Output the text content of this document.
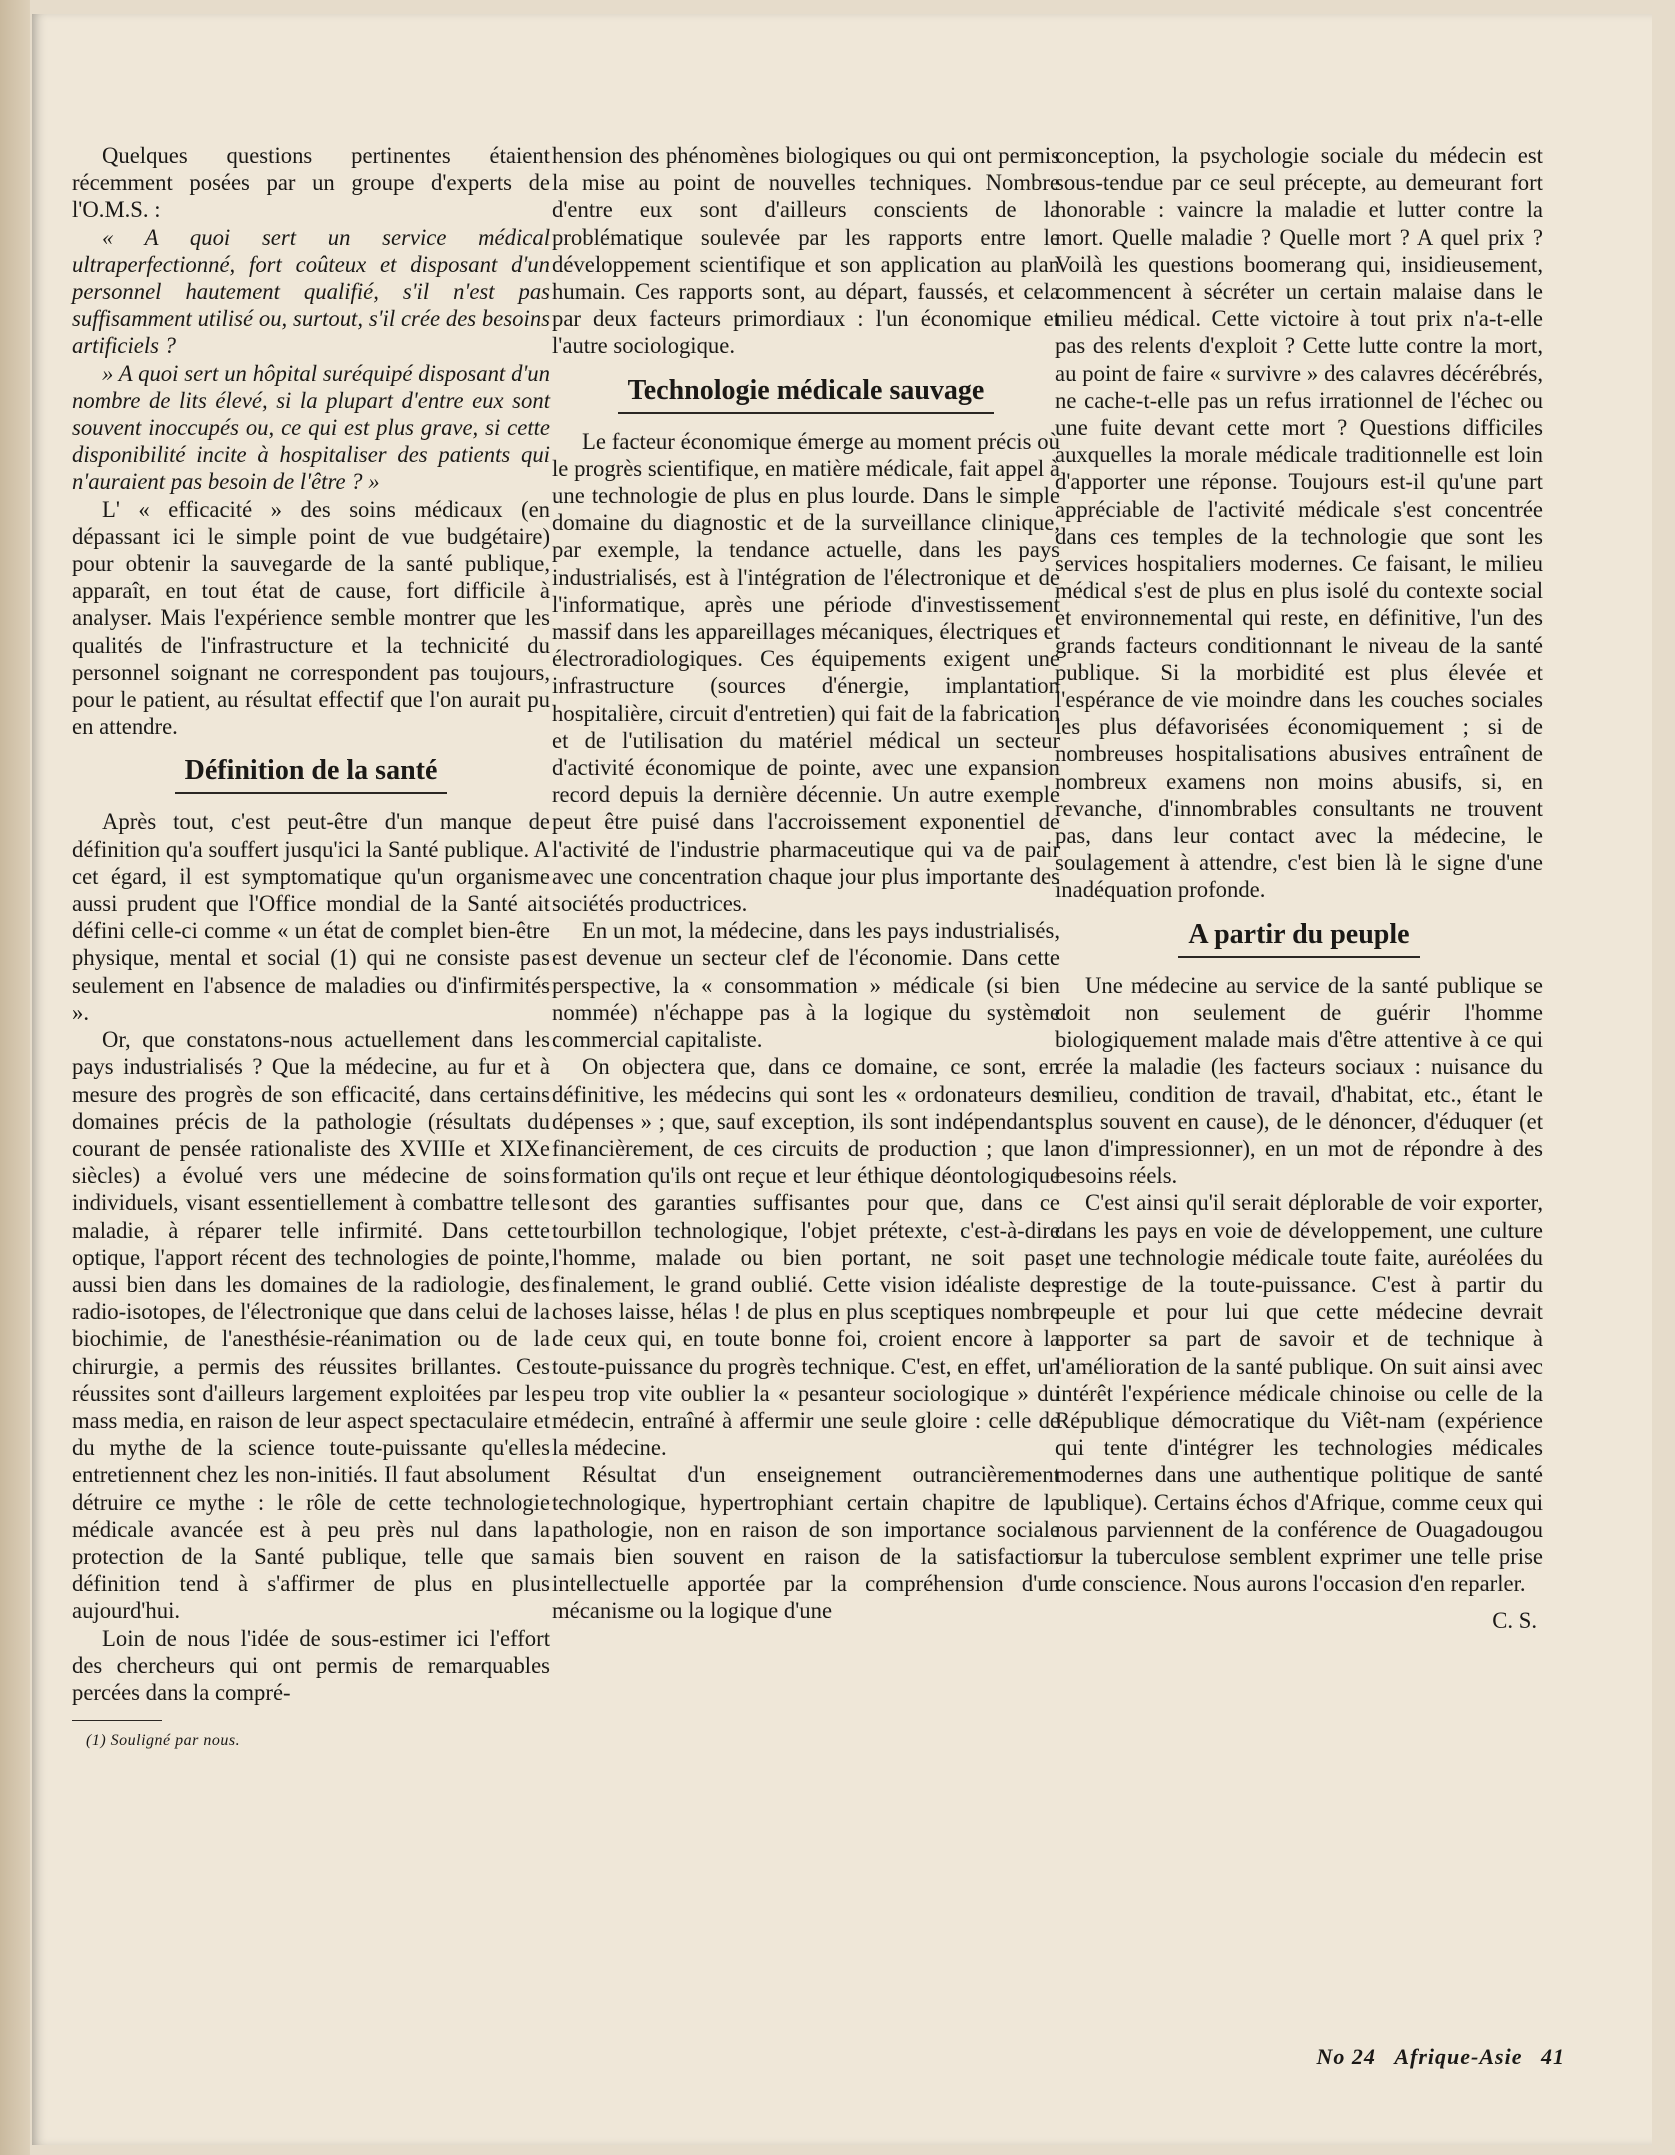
Quelques questions pertinentes étaient récemment posées par un groupe d'experts de l'O.M.S. :

« A quoi sert un service médical ultraperfectionné, fort coûteux et disposant d'un personnel hautement qualifié, s'il n'est pas suffisamment utilisé ou, surtout, s'il crée des besoins artificiels ?

» A quoi sert un hôpital suréquipé disposant d'un nombre de lits élevé, si la plupart d'entre eux sont souvent inoccupés ou, ce qui est plus grave, si cette disponibilité incite à hospitaliser des patients qui n'auraient pas besoin de l'être ? »

L' « efficacité » des soins médicaux (en dépassant ici le simple point de vue budgétaire) pour obtenir la sauvegarde de la santé publique, apparaît, en tout état de cause, fort difficile à analyser. Mais l'expérience semble montrer que les qualités de l'infrastructure et la technicité du personnel soignant ne correspondent pas toujours, pour le patient, au résultat effectif que l'on aurait pu en attendre.

Définition de la santé

Après tout, c'est peut-être d'un manque de définition qu'a souffert jusqu'ici la Santé publique. A cet égard, il est symptomatique qu'un organisme aussi prudent que l'Office mondial de la Santé ait défini celle-ci comme « un état de complet bien-être physique, mental et social (1) qui ne consiste pas seulement en l'absence de maladies ou d'infirmités ».

Or, que constatons-nous actuellement dans les pays industrialisés ? Que la médecine, au fur et à mesure des progrès de son efficacité, dans certains domaines précis de la pathologie (résultats du courant de pensée rationaliste des XVIIIe et XIXe siècles) a évolué vers une médecine de soins individuels, visant essentiellement à combattre telle maladie, à réparer telle infirmité. Dans cette optique, l'apport récent des technologies de pointe, aussi bien dans les domaines de la radiologie, des radio-isotopes, de l'électronique que dans celui de la biochimie, de l'anesthésie-réanimation ou de la chirurgie, a permis des réussites brillantes. Ces réussites sont d'ailleurs largement exploitées par les mass media, en raison de leur aspect spectaculaire et du mythe de la science toute-puissante qu'elles entretiennent chez les non-initiés. Il faut absolument détruire ce mythe : le rôle de cette technologie médicale avancée est à peu près nul dans la protection de la Santé publique, telle que sa définition tend à s'affirmer de plus en plus aujourd'hui.

Loin de nous l'idée de sous-estimer ici l'effort des chercheurs qui ont permis de remarquables percées dans la compré-

(1) Souligné par nous.

hension des phénomènes biologiques ou qui ont permis la mise au point de nouvelles techniques. Nombre d'entre eux sont d'ailleurs conscients de la problématique soulevée par les rapports entre le développement scientifique et son application au plan humain. Ces rapports sont, au départ, faussés, et cela par deux facteurs primordiaux : l'un économique et l'autre sociologique.

Technologie médicale sauvage

Le facteur économique émerge au moment précis où le progrès scientifique, en matière médicale, fait appel à une technologie de plus en plus lourde. Dans le simple domaine du diagnostic et de la surveillance clinique, par exemple, la tendance actuelle, dans les pays industrialisés, est à l'intégration de l'électronique et de l'informatique, après une période d'investissement massif dans les appareillages mécaniques, électriques et électroradiologiques. Ces équipements exigent une infrastructure (sources d'énergie, implantation hospitalière, circuit d'entretien) qui fait de la fabrication et de l'utilisation du matériel médical un secteur d'activité économique de pointe, avec une expansion record depuis la dernière décennie. Un autre exemple peut être puisé dans l'accroissement exponentiel de l'activité de l'industrie pharmaceutique qui va de pair avec une concentration chaque jour plus importante des sociétés productrices.

En un mot, la médecine, dans les pays industrialisés, est devenue un secteur clef de l'économie. Dans cette perspective, la « consommation » médicale (si bien nommée) n'échappe pas à la logique du système commercial capitaliste.

On objectera que, dans ce domaine, ce sont, en définitive, les médecins qui sont les « ordonateurs des dépenses » ; que, sauf exception, ils sont indépendants, financièrement, de ces circuits de production ; que la formation qu'ils ont reçue et leur éthique déontologique sont des garanties suffisantes pour que, dans ce tourbillon technologique, l'objet prétexte, c'est-à-dire l'homme, malade ou bien portant, ne soit pas, finalement, le grand oublié. Cette vision idéaliste des choses laisse, hélas ! de plus en plus sceptiques nombre de ceux qui, en toute bonne foi, croient encore à la toute-puissance du progrès technique. C'est, en effet, un peu trop vite oublier la « pesanteur sociologique » du médecin, entraîné à affermir une seule gloire : celle de la médecine.

Résultat d'un enseignement outrancièrement technologique, hypertrophiant certain chapitre de la pathologie, non en raison de son importance sociale mais bien souvent en raison de la satisfaction intellectuelle apportée par la compréhension d'un mécanisme ou la logique d'une

conception, la psychologie sociale du médecin est sous-tendue par ce seul précepte, au demeurant fort honorable : vaincre la maladie et lutter contre la mort. Quelle maladie ? Quelle mort ? A quel prix ? Voilà les questions boomerang qui, insidieusement, commencent à sécréter un certain malaise dans le milieu médical. Cette victoire à tout prix n'a-t-elle pas des relents d'exploit ? Cette lutte contre la mort, au point de faire « survivre » des calavres décérébrés, ne cache-t-elle pas un refus irrationnel de l'échec ou une fuite devant cette mort ? Questions difficiles auxquelles la morale médicale traditionnelle est loin d'apporter une réponse. Toujours est-il qu'une part appréciable de l'activité médicale s'est concentrée dans ces temples de la technologie que sont les services hospitaliers modernes. Ce faisant, le milieu médical s'est de plus en plus isolé du contexte social et environnemental qui reste, en définitive, l'un des grands facteurs conditionnant le niveau de la santé publique. Si la morbidité est plus élevée et l'espérance de vie moindre dans les couches sociales les plus défavorisées économiquement ; si de nombreuses hospitalisations abusives entraînent de nombreux examens non moins abusifs, si, en revanche, d'innombrables consultants ne trouvent pas, dans leur contact avec la médecine, le soulagement à attendre, c'est bien là le signe d'une inadéquation profonde.

A partir du peuple

Une médecine au service de la santé publique se doit non seulement de guérir l'homme biologiquement malade mais d'être attentive à ce qui crée la maladie (les facteurs sociaux : nuisance du milieu, condition de travail, d'habitat, etc., étant le plus souvent en cause), de le dénoncer, d'éduquer (et non d'impressionner), en un mot de répondre à des besoins réels.

C'est ainsi qu'il serait déplorable de voir exporter, dans les pays en voie de développement, une culture et une technologie médicale toute faite, auréolées du prestige de la toute-puissance. C'est à partir du peuple et pour lui que cette médecine devrait apporter sa part de savoir et de technique à l'amélioration de la santé publique. On suit ainsi avec intérêt l'expérience médicale chinoise ou celle de la République démocratique du Viêt-nam (expérience qui tente d'intégrer les technologies médicales modernes dans une authentique politique de santé publique). Certains échos d'Afrique, comme ceux qui nous parviennent de la conférence de Ouagadougou sur la tuberculose semblent exprimer une telle prise de conscience. Nous aurons l'occasion d'en reparler.

C. S.
No 24 Afrique-Asie 41
